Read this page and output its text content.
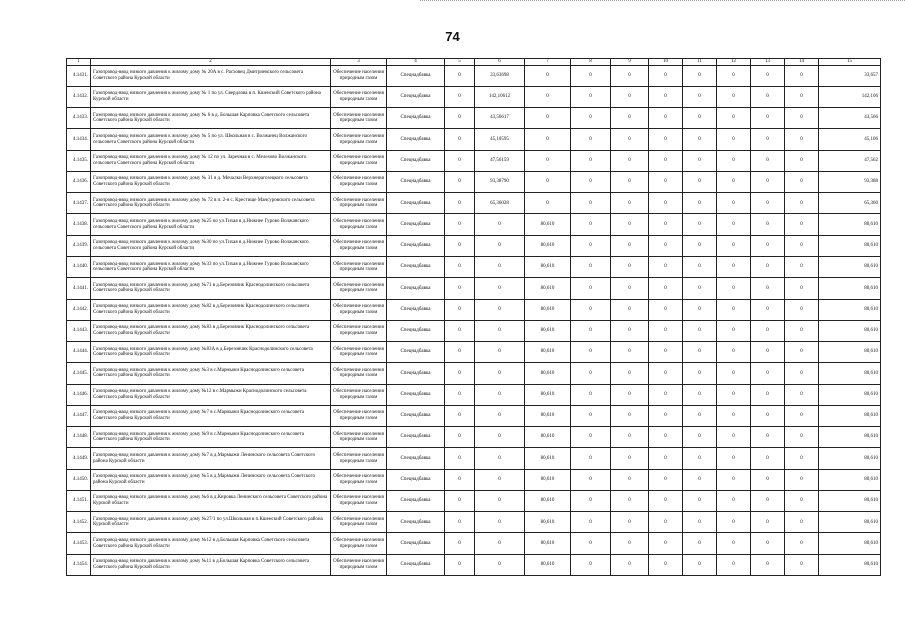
74
1	2	3	4	5	6	7	8	9	10	11	12	13	14	15
4.1431.	Газопровод-ввод низкого давления к жилому дому № 20А в с. Расховец Дмитриевского сельсовета Советского района Курской области	Обеспечение населения природным газом	Спецнадбавка	0	33,63698	0	0	0	0	0	0	0	0	33,657
4.1432.	Газопровод-ввод низкого давления к жилому дому № 1 по ул. Свердлова в п. Кшенский Советского района Курской области	Обеспечение населения природным газом	Спецнадбавка	0	142,10612	0	0	0	0	0	0	0	0	142,106
4.1433.	Газопровод-ввод низкого давления к жилому дому № 6 в д. Большая Карповка Советского сельсовета Советского района Курской области	Обеспечение населения природным газом	Спецнадбавка	0	43,56617	0	0	0	0	0	0	0	0	43,566
4.1434.	Газопровод-ввод низкого давления к жилому дому № 5 по ул. Школьная в с. Волжанец Волжанского сельсовета Советского района Курской области	Обеспечение населения природным газом	Спецнадбавка	0	45,10595	0	0	0	0	0	0	0	0	45,106
4.1435.	Газопровод-ввод низкого давления к жилому дому № 12 по ул. Заречная в с. Мелехово Волжанского сельсовета Советского района Курской области	Обеспечение населения природным газом	Спецнадбавка	0	47,56159	0	0	0	0	0	0	0	0	47,562
4.1436.	Газопровод-ввод низкого давления к жилому дому № 31 в д. Мочалки Верхнерагозецкого сельсовета Советского района Курской области	Обеспечение населения природным газом	Спецнадбавка	0	93,38790	0	0	0	0	0	0	0	0	93,388
4.1437.	Газопровод-ввод низкого давления к жилому дому № 72 в п. 2-я с. Крестище Мансуровского сельсовета Советского района Курской области	Обеспечение населения природным газом	Спецнадбавка	0	65,36028	0	0	0	0	0	0	0	0	65,360
4.1438.	Газопровод-ввод низкого давления к жилому дому №25 по ул.Тихая в д.Нижнее Гурово Волжанского сельсовета Советского района Курской области	Обеспечение населения природным газом	Спецнадбавка	0	0	80,610	0	0	0	0	0	0	0	80,610
4.1439.	Газопровод-ввод низкого давления к жилому дому №30 по ул.Тихая в д.Нижнее Гурово Волжанского сельсовета Советского района Курской области	Обеспечение населения природным газом	Спецнадбавка	0	0	80,610	0	0	0	0	0	0	0	80,610
4.1440.	Газопровод-ввод низкого давления к жилому дому №33 по ул.Тихая в д.Нижнее Гурово Волжанского сельсовета Советского района Курской области	Обеспечение населения природным газом	Спецнадбавка	0	0	80,610	0	0	0	0	0	0	0	80,610
4.1441.	Газопровод-ввод низкого давления к жилому дому №71 в д.Березовчик Краснодолинского сельсовета Советского района Курской области	Обеспечение населения природным газом	Спецнадбавка	0	0	80,610	0	0	0	0	0	0	0	80,610
4.1442.	Газопровод-ввод низкого давления к жилому дому №82 в д.Березовчик Краснодолинского сельсовета Советского района Курской области	Обеспечение населения природным газом	Спецнадбавка	0	0	80,610	0	0	0	0	0	0	0	80,610
4.1443.	Газопровод-ввод низкого давления к жилому дому №83 в д.Березовчик Краснодолинского сельсовета Советского района Курской области	Обеспечение населения природным газом	Спецнадбавка	0	0	80,610	0	0	0	0	0	0	0	80,610
4.1444.	Газопровод-ввод низкого давления к жилому дому №83А в д.Березовчик Краснодолинского сельсовета Советского района Курской области	Обеспечение населения природным газом	Спецнадбавка	0	0	80,610	0	0	0	0	0	0	0	80,610
4.1445.	Газопровод-ввод низкого давления к жилому дому №3 в с.Мармыжи Краснодолинского сельсовета Советского района Курской области	Обеспечение населения природным газом	Спецнадбавка	0	0	80,610	0	0	0	0	0	0	0	80,610
4.1446.	Газопровод-ввод низкого давления к жилому дому №12 в с.Мармыжи Краснодолинского сельсовета Советского района Курской области	Обеспечение населения природным газом	Спецнадбавка	0	0	80,610	0	0	0	0	0	0	0	80,610
4.1447.	Газопровод-ввод низкого давления к жилому дому №7 в с.Мармыжи Краснодолинского сельсовета Советского района Курской области	Обеспечение населения природным газом	Спецнадбавка	0	0	80,610	0	0	0	0	0	0	0	80,610
4.1448.	Газопровод-ввод низкого давления к жилому дому №9 в с.Мармыжи Краснодолинского сельсовета Советского района Курской области	Обеспечение населения природным газом	Спецнадбавка	0	0	80,610	0	0	0	0	0	0	0	80,610
4.1449.	Газопровод-ввод низкого давления к жилому дому №7 в д.Мармыжи Ленинского сельсовета Советского района Курской области	Обеспечение населения природным газом	Спецнадбавка	0	0	80,610	0	0	0	0	0	0	0	80,610
4.1450.	Газопровод-ввод низкого давления к жилому дому №5 в д.Мармыжи Ленинского сельсовета Советского района Курской области	Обеспечение населения природным газом	Спецнадбавка	0	0	80,610	0	0	0	0	0	0	0	80,610
4.1451.	Газопровод-ввод низкого давления к жилому дому №6 в д.Кировка Ленинского сельсовета Советского района Курской области	Обеспечение населения природным газом	Спецнадбавка	0	0	80,610	0	0	0	0	0	0	0	80,610
4.1452.	Газопровод-ввод низкого давления к жилому дому №27/1 по ул.Школьная в п.Кшенский Советского района Курской области	Обеспечение населения природным газом	Спецнадбавка	0	0	80,610	0	0	0	0	0	0	0	80,610
4.1453.	Газопровод-ввод низкого давления к жилому дому №12 в д.Большая Карповка Советского сельсовета Советского района Курской области	Обеспечение населения природным газом	Спецнадбавка	0	0	80,610	0	0	0	0	0	0	0	80,610
4.1454.	Газопровод-ввод низкого давления к жилому дому №11 в д.Большая Карповка Советского сельсовета Советского района Курской области	Обеспечение населения природным газом	Спецнадбавка	0	0	80,610	0	0	0	0	0	0	0	80,610
